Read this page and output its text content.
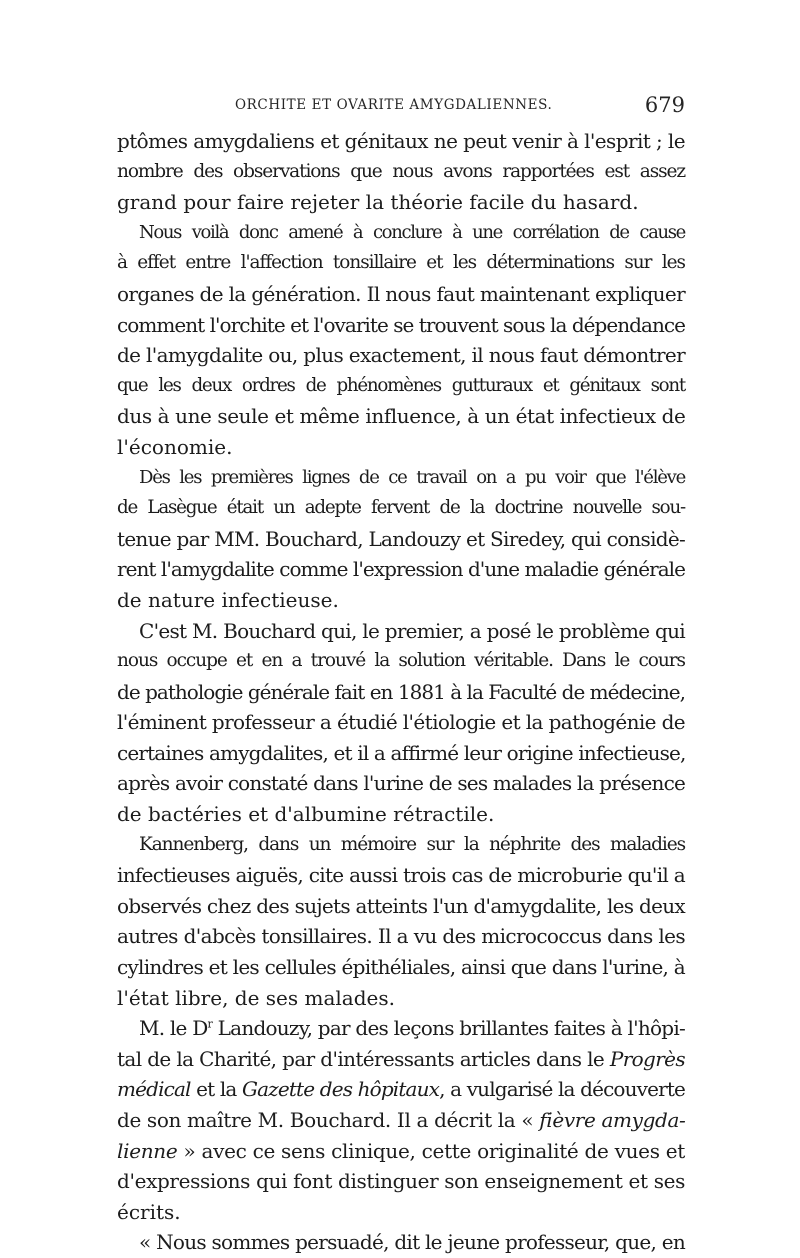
ORCHITE ET OVARITE AMYGDALIENNES.	679
ptômes amygdaliens et génitaux ne peut venir à l'esprit ; le
nombre des observations que nous avons rapportées est assez
grand pour faire rejeter la théorie facile du hasard.
Nous voilà donc amené à conclure à une corrélation de cause
à effet entre l'affection tonsillaire et les déterminations sur les
organes de la génération. Il nous faut maintenant expliquer
comment l'orchite et l'ovarite se trouvent sous la dépendance
de l'amygdalite ou, plus exactement, il nous faut démontrer
que les deux ordres de phénomènes gutturaux et génitaux sont
dus à une seule et même influence, à un état infectieux de
l'économie.
Dès les premières lignes de ce travail on a pu voir que l'élève
de Lasègue était un adepte fervent de la doctrine nouvelle sou-
tenue par MM. Bouchard, Landouzy et Siredey, qui considè-
rent l'amygdalite comme l'expression d'une maladie générale
de nature infectieuse.
C'est M. Bouchard qui, le premier, a posé le problème qui
nous occupe et en a trouvé la solution véritable. Dans le cours
de pathologie générale fait en 1881 à la Faculté de médecine,
l'éminent professeur a étudié l'étiologie et la pathogénie de
certaines amygdalites, et il a affirmé leur origine infectieuse,
après avoir constaté dans l'urine de ses malades la présence
de bactéries et d'albumine rétractile.
Kannenberg, dans un mémoire sur la néphrite des maladies
infectieuses aiguës, cite aussi trois cas de microburie qu'il a
observés chez des sujets atteints l'un d'amygdalite, les deux
autres d'abcès tonsillaires. Il a vu des micrococcus dans les
cylindres et les cellules épithéliales, ainsi que dans l'urine, à
l'état libre, de ses malades.
M. le $D^r$ Landouzy, par des leçons brillantes faites à l'hôpi-
tal de la Charité, par d'intéressants articles dans le Progrès
médical et la Gazette des hôpitaux, a vulgarisé la découverte
de son maître M. Bouchard. Il a décrit la « fièvre amygda-
lienne » avec ce sens clinique, cette originalité de vues et
d'expressions qui font distinguer son enseignement et ses
écrits.
« Nous sommes persuadé, dit le jeune professeur, que, en
